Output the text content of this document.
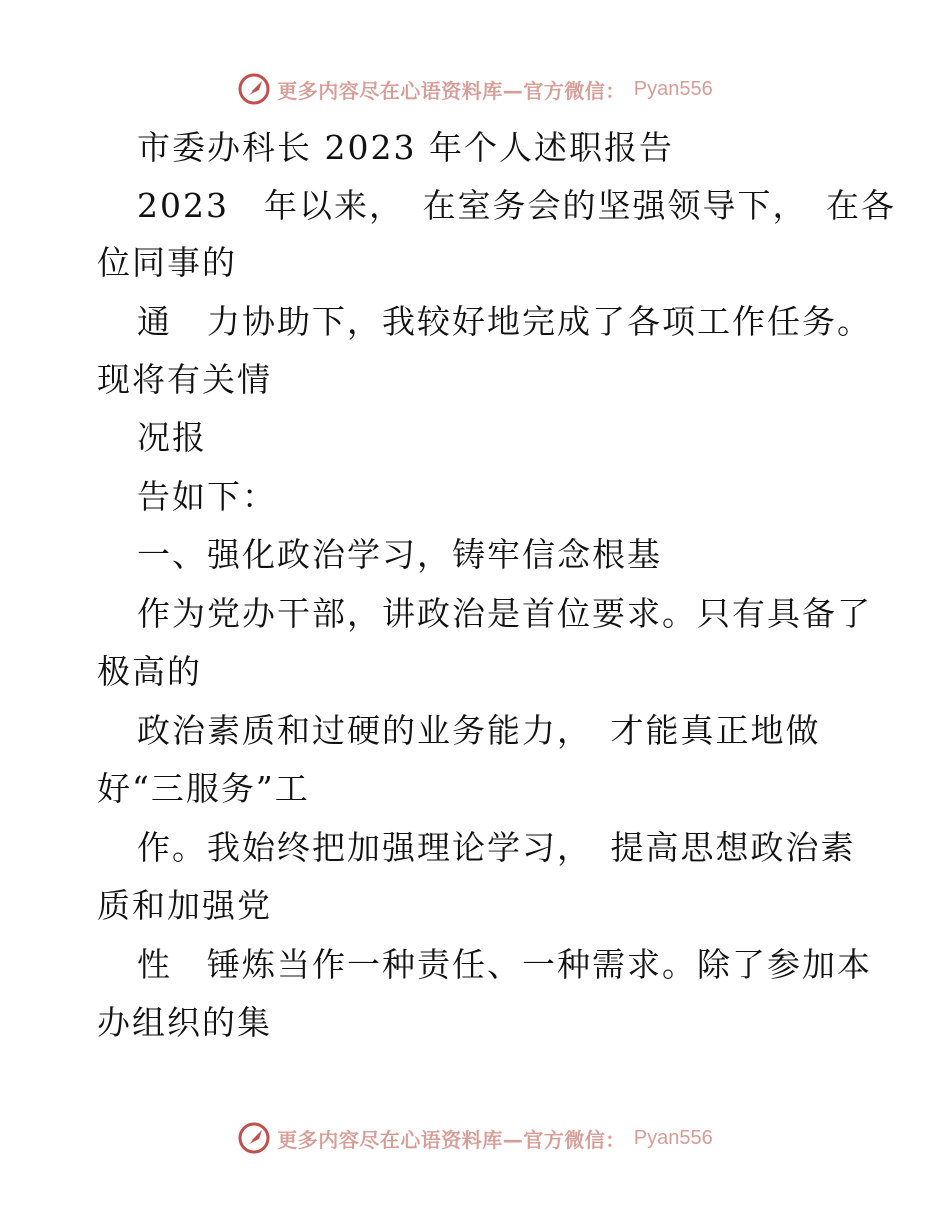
更多内容尽在心语资料库—官方微信： Pyan556
市委办科长 2023 年个人述职报告
2023　年以来，　在室务会的坚强领导下，　在各
位同事的
通　力协助下，我较好地完成了各项工作任务。
现将有关情
况报
告如下：
一、强化政治学习，铸牢信念根基
作为党办干部，讲政治是首位要求。只有具备了
极高的
政治素质和过硬的业务能力，　才能真正地做
好“三服务”工
作。我始终把加强理论学习，　提高思想政治素
质和加强党
性　锤炼当作一种责任、一种需求。除了参加本
办组织的集
更多内容尽在心语资料库—官方微信： Pyan556
